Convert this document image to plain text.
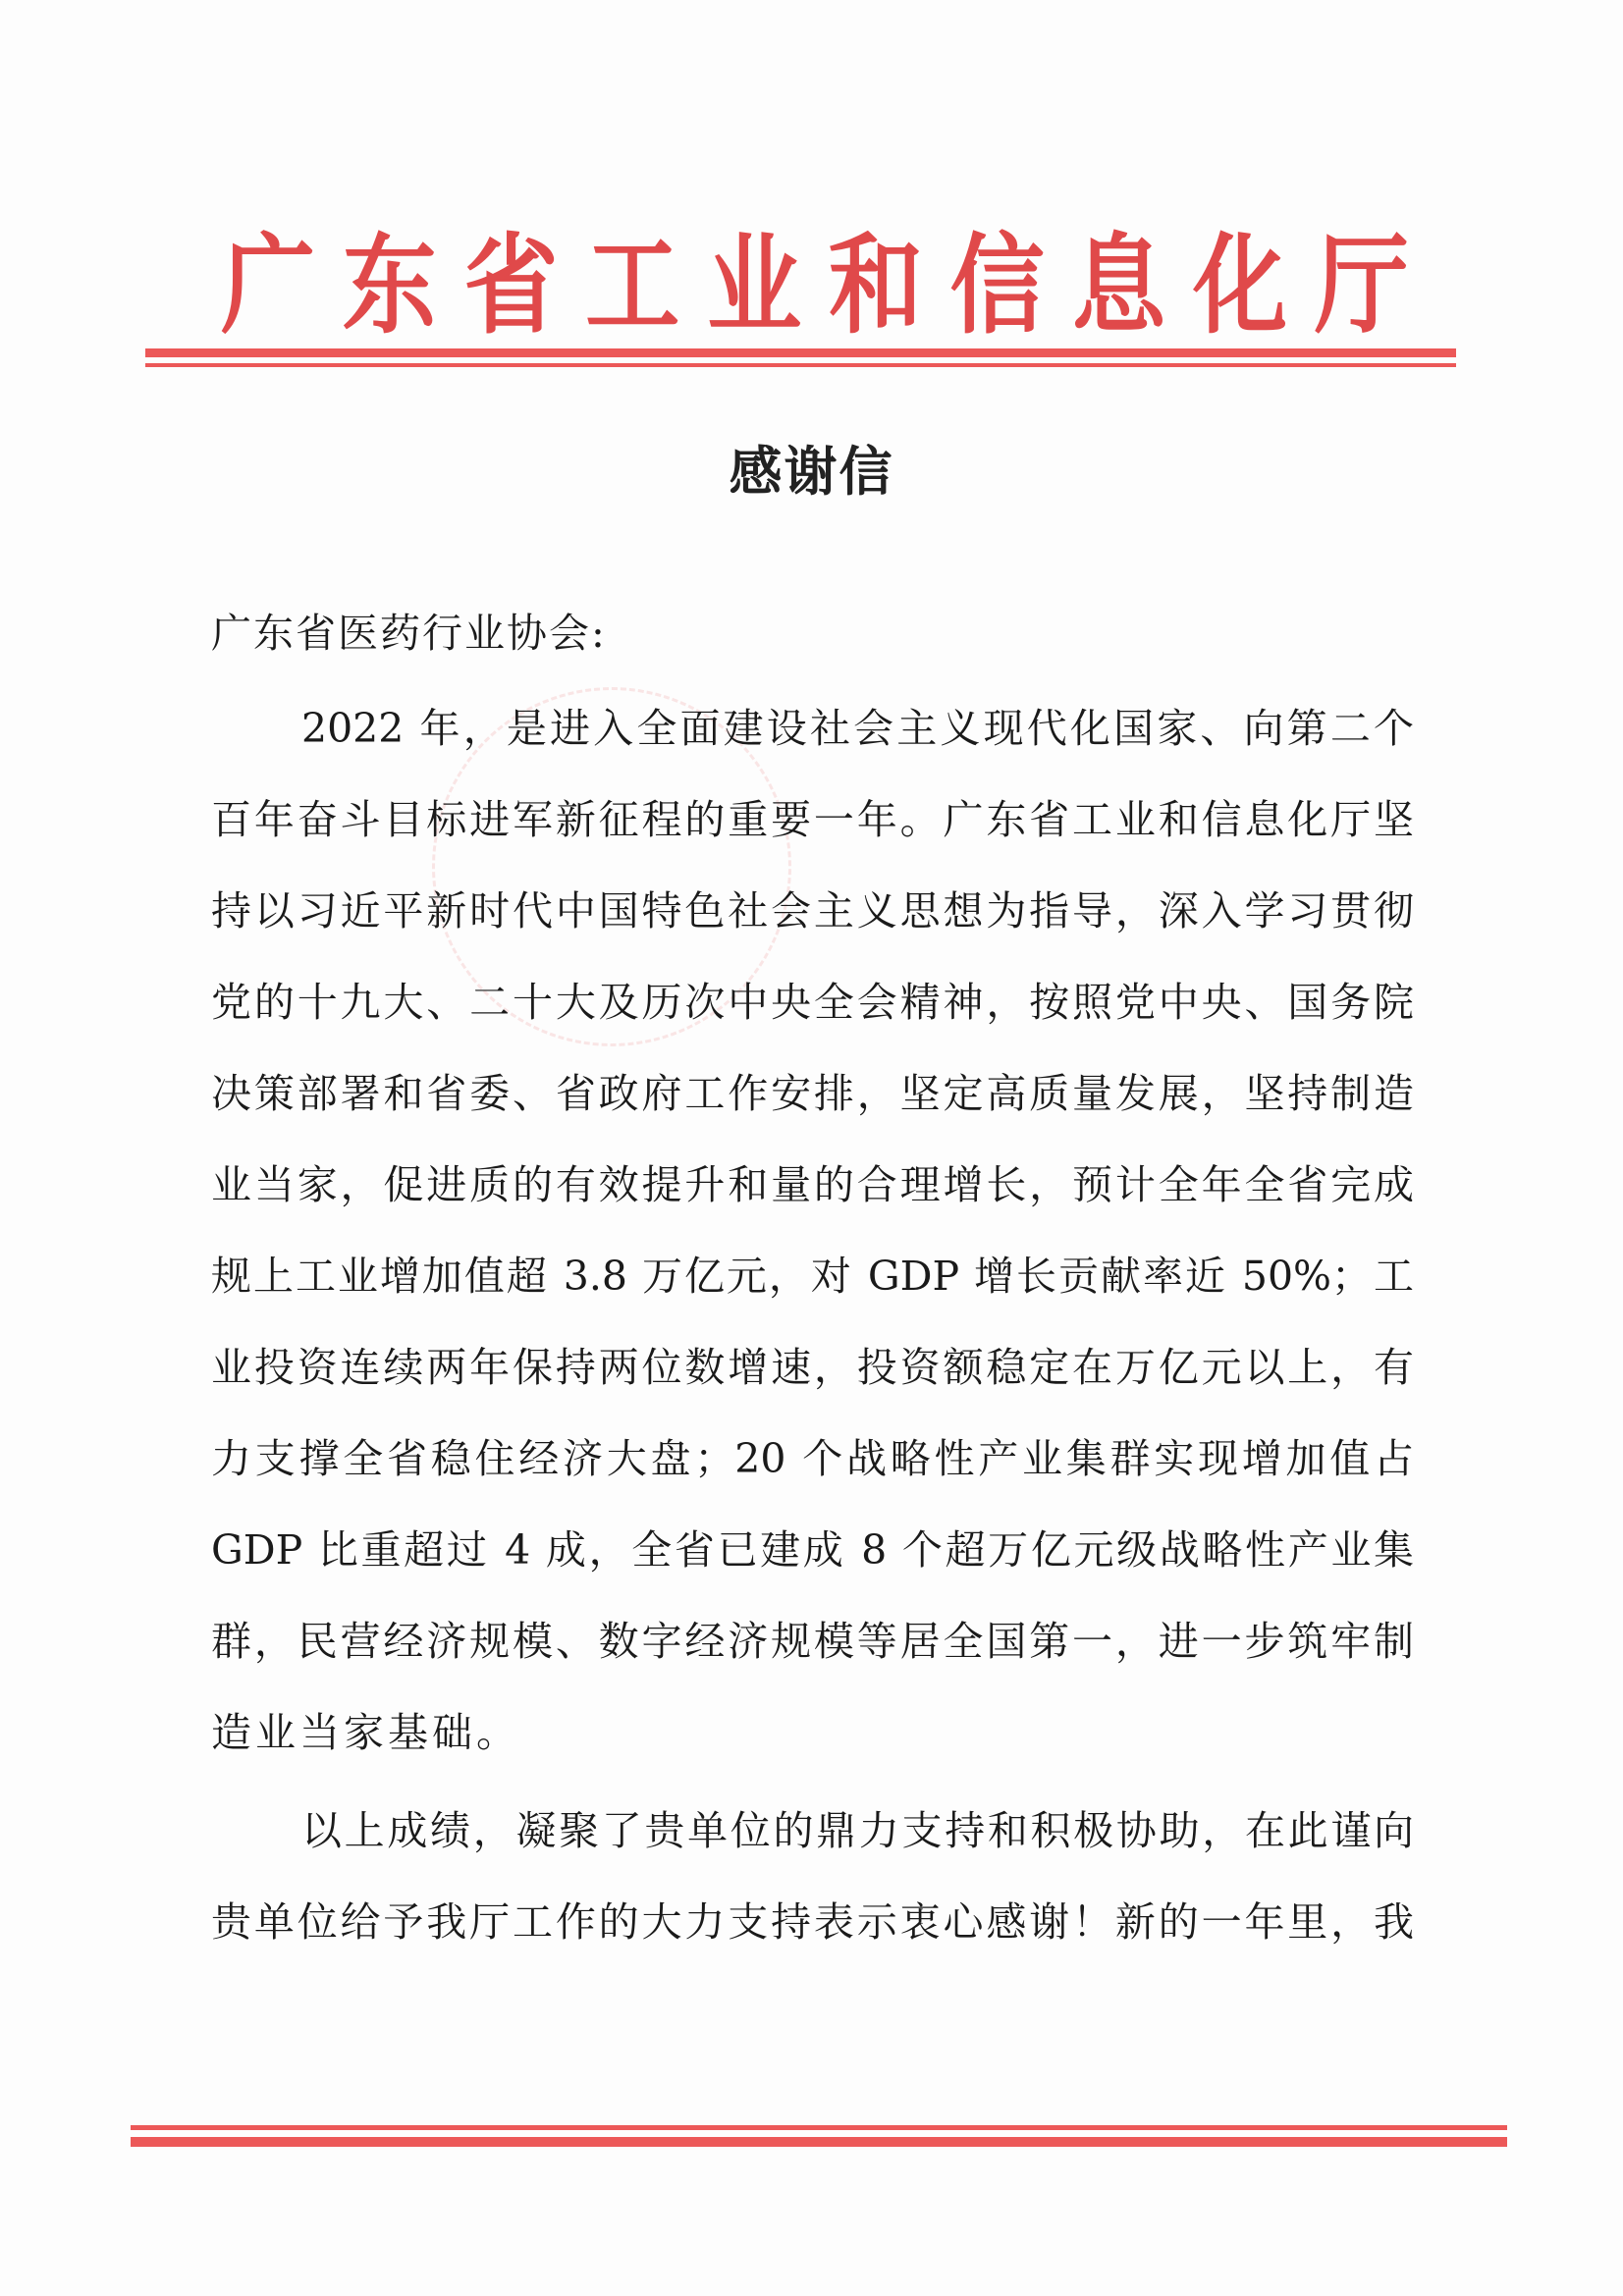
广 东 省 工 业 和 信 息 化 厅
感谢信
广东省医药行业协会:
2022 年，是进入全面建设社会主义现代化国家、向第二个
百年奋斗目标进军新征程的重要一年。广东省工业和信息化厅坚
持以习近平新时代中国特色社会主义思想为指导，深入学习贯彻
党的十九大、二十大及历次中央全会精神，按照党中央、国务院
决策部署和省委、省政府工作安排，坚定高质量发展，坚持制造
业当家，促进质的有效提升和量的合理增长，预计全年全省完成
规上工业增加值超 3.8 万亿元，对 GDP 增长贡献率近 50%；工
业投资连续两年保持两位数增速，投资额稳定在万亿元以上，有
力支撑全省稳住经济大盘；20 个战略性产业集群实现增加值占
GDP 比重超过 4 成，全省已建成 8 个超万亿元级战略性产业集
群，民营经济规模、数字经济规模等居全国第一，进一步筑牢制
造业当家基础。
以上成绩，凝聚了贵单位的鼎力支持和积极协助，在此谨向
贵单位给予我厅工作的大力支持表示衷心感谢！新的一年里，我
